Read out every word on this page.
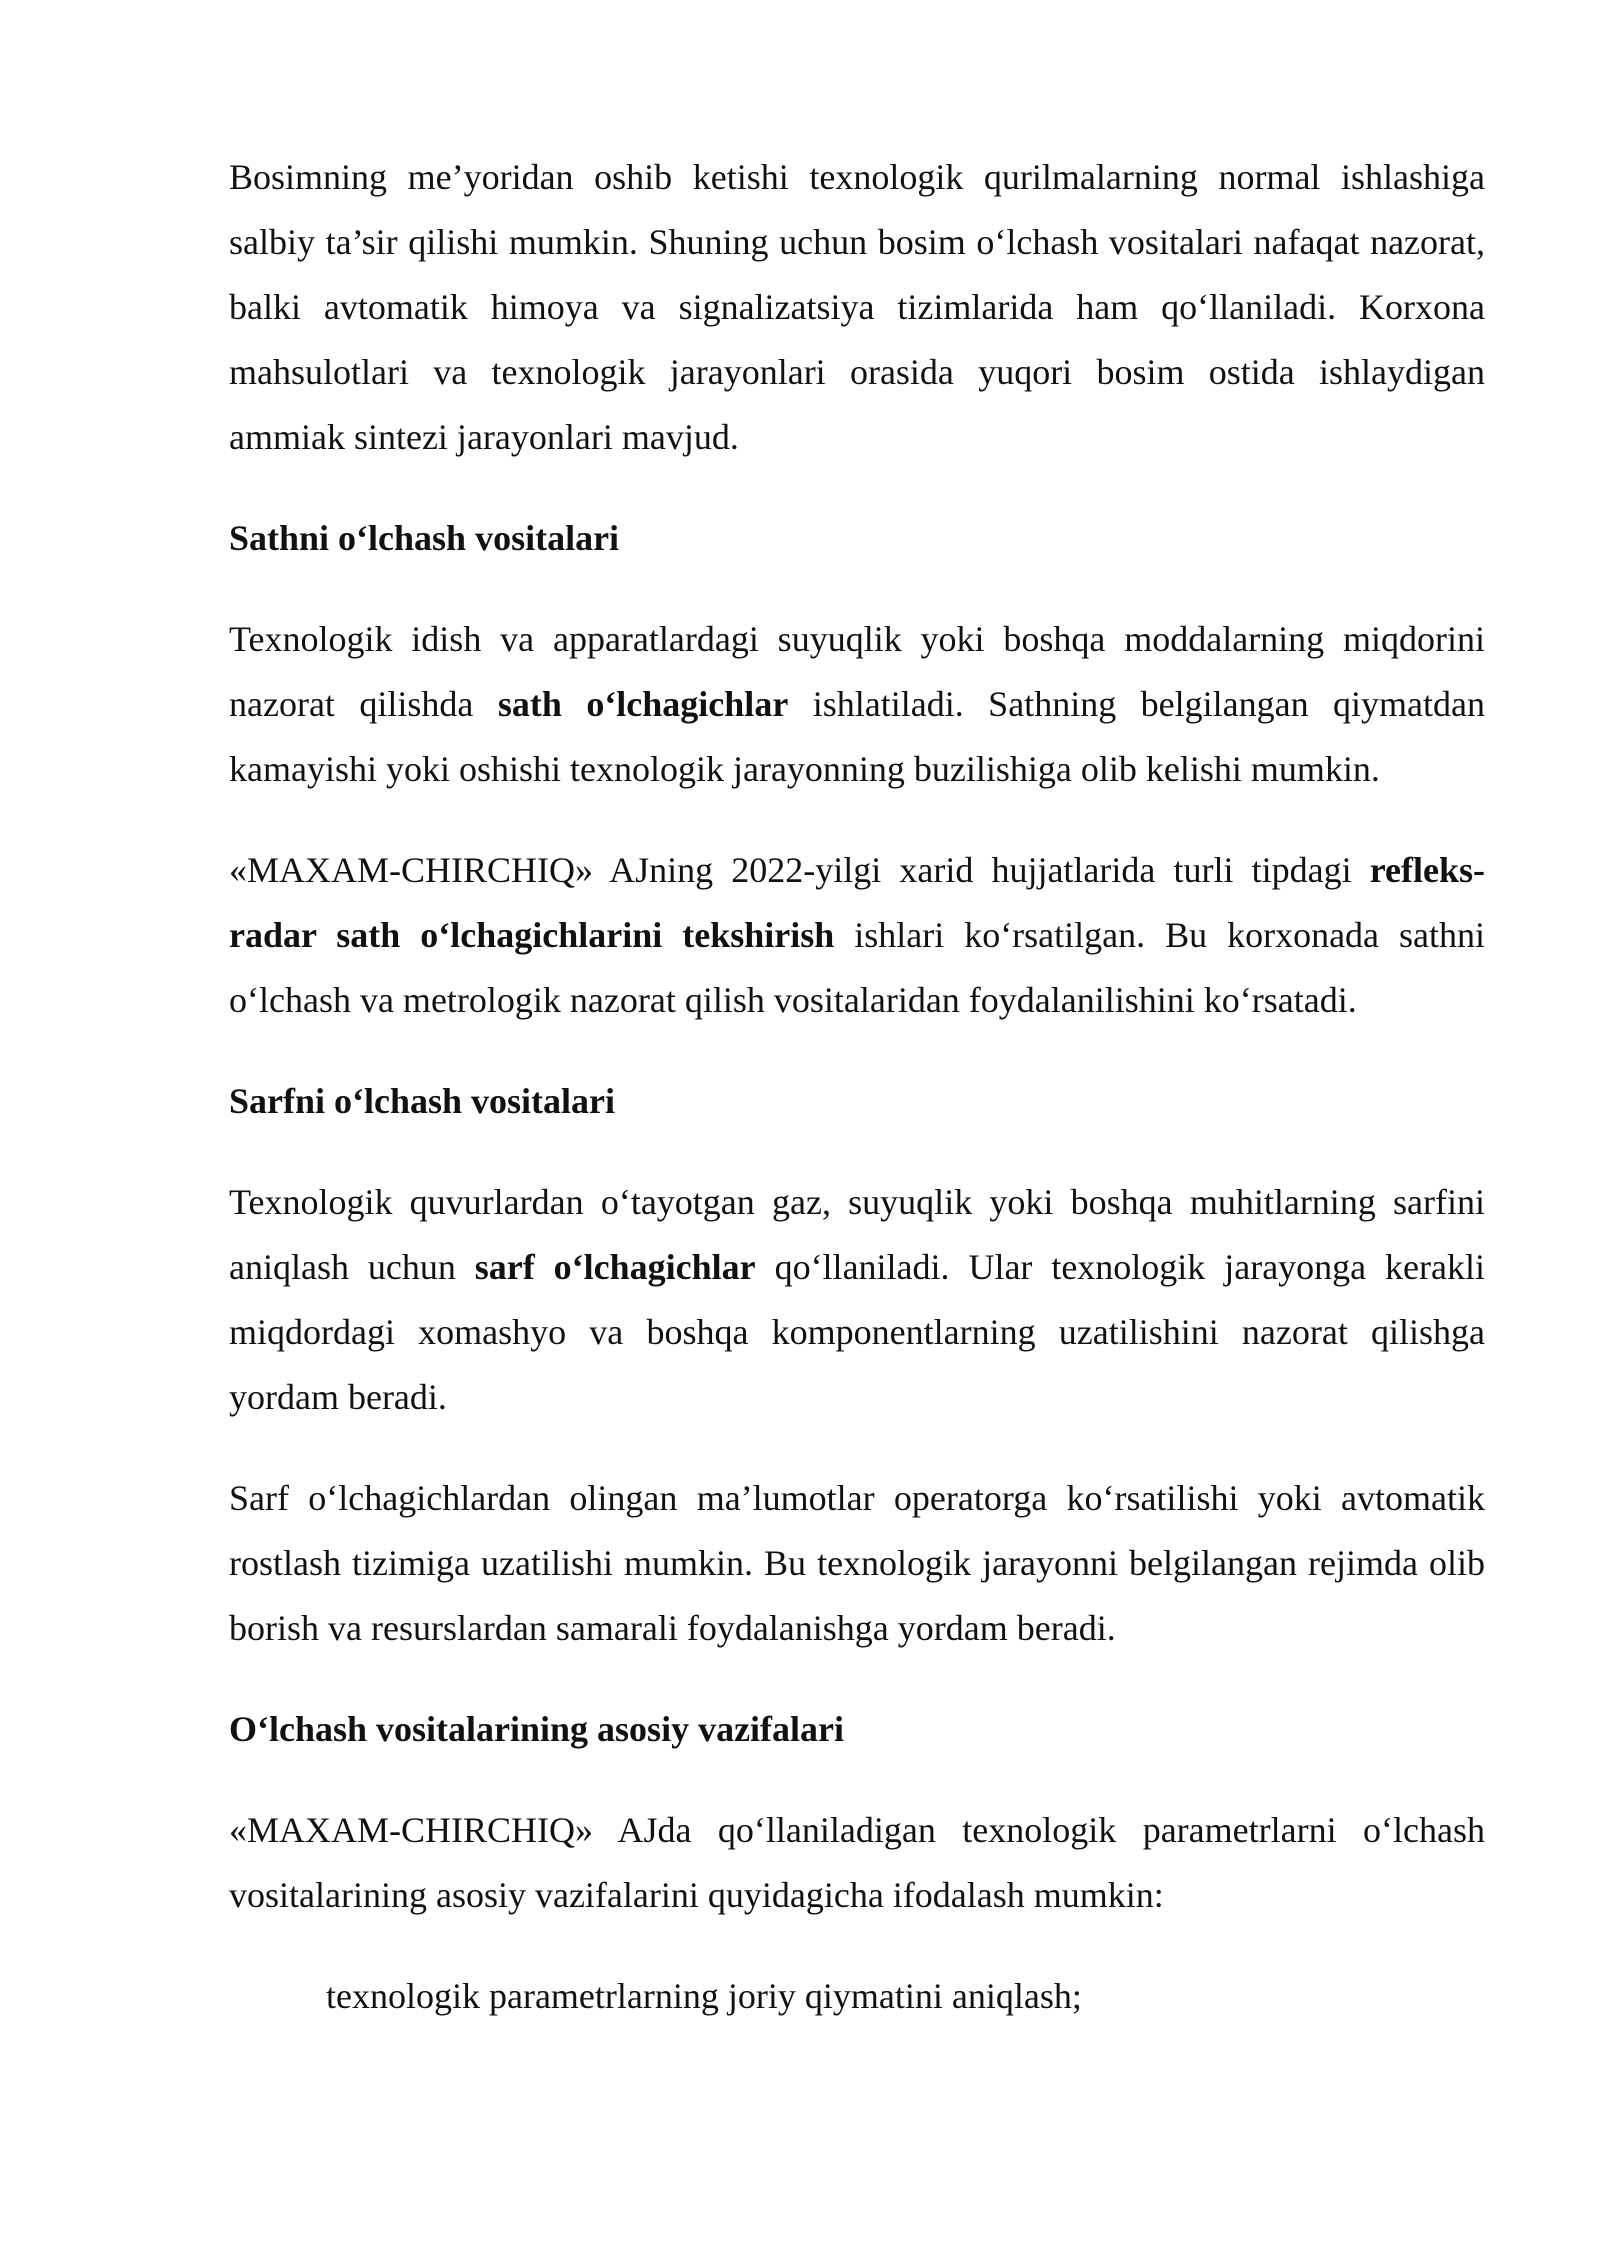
Bosimning me’yoridan oshib ketishi texnologik qurilmalarning normal ishlashiga salbiy ta’sir qilishi mumkin. Shuning uchun bosim o‘lchash vositalari nafaqat nazorat, balki avtomatik himoya va signalizatsiya tizimlarida ham qo‘llaniladi. Korxona mahsulotlari va texnologik jarayonlari orasida yuqori bosim ostida ishlaydigan ammiak sintezi jarayonlari mavjud.

Sathni o‘lchash vositalari

Texnologik idish va apparatlardagi suyuqlik yoki boshqa moddalarning miqdorini nazorat qilishda sath o‘lchagichlar ishlatiladi. Sathning belgilangan qiymatdan kamayishi yoki oshishi texnologik jarayonning buzilishiga olib kelishi mumkin.

«MAXAM-CHIRCHIQ» AJning 2022-yilgi xarid hujjatlarida turli tipdagi refleks-radar sath o‘lchagichlarini tekshirish ishlari ko‘rsatilgan. Bu korxonada sathni o‘lchash va metrologik nazorat qilish vositalaridan foydalanilishini ko‘rsatadi.

Sarfni o‘lchash vositalari

Texnologik quvurlardan o‘tayotgan gaz, suyuqlik yoki boshqa muhitlarning sarfini aniqlash uchun sarf o‘lchagichlar qo‘llaniladi. Ular texnologik jarayonga kerakli miqdordagi xomashyo va boshqa komponentlarning uzatilishini nazorat qilishga yordam beradi.

Sarf o‘lchagichlardan olingan ma’lumotlar operatorga ko‘rsatilishi yoki avtomatik rostlash tizimiga uzatilishi mumkin. Bu texnologik jarayonni belgilangan rejimda olib borish va resurslardan samarali foydalanishga yordam beradi.

O‘lchash vositalarining asosiy vazifalari

«MAXAM-CHIRCHIQ» AJda qo‘llaniladigan texnologik parametrlarni o‘lchash vositalarining asosiy vazifalarini quyidagicha ifodalash mumkin:

texnologik parametrlarning joriy qiymatini aniqlash;
